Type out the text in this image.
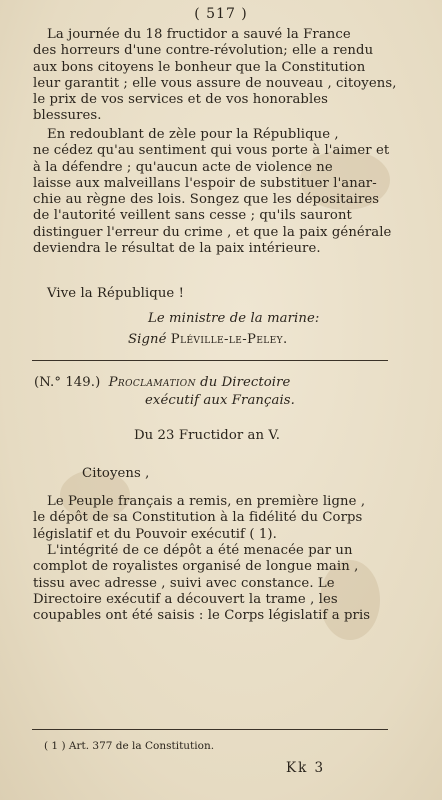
( 517 )

La journée du 18 fructidor a sauvé la France

des horreurs d'une contre-révolution; elle a rendu

aux bons citoyens le bonheur que la Constitution

leur garantit ; elle vous assure de nouveau , citoyens,

le prix de vos services et de vos honorables

blessures.

En redoublant de zèle pour la République ,

ne cédez qu'au sentiment qui vous porte à l'aimer et

à la défendre ; qu'aucun acte de violence ne

laisse aux malveillans l'espoir de substituer l'anar-

chie au règne des lois. Songez que les dépositaires

de l'autorité veillent sans cesse ; qu'ils sauront

distinguer l'erreur du crime , et que la paix générale

deviendra le résultat de la paix intérieure.

Vive la République !
Le ministre de la marine:
Signé Pléville-le-Peley.
(N.° 149.) Proclamation du Directoire
exécutif aux Français.
Du 23 Fructidor an V.
Citoyens ,

Le Peuple français a remis, en première ligne ,

le dépôt de sa Constitution à la fidélité du Corps

législatif et du Pouvoir exécutif ( 1).

L'intégrité de ce dépôt a été menacée par un

complot de royalistes organisé de longue main ,

tissu avec adresse , suivi avec constance. Le

Directoire exécutif a découvert la trame , les

coupables ont été saisis : le Corps législatif a pris

( 1 ) Art. 377 de la Constitution.
Kk 3
